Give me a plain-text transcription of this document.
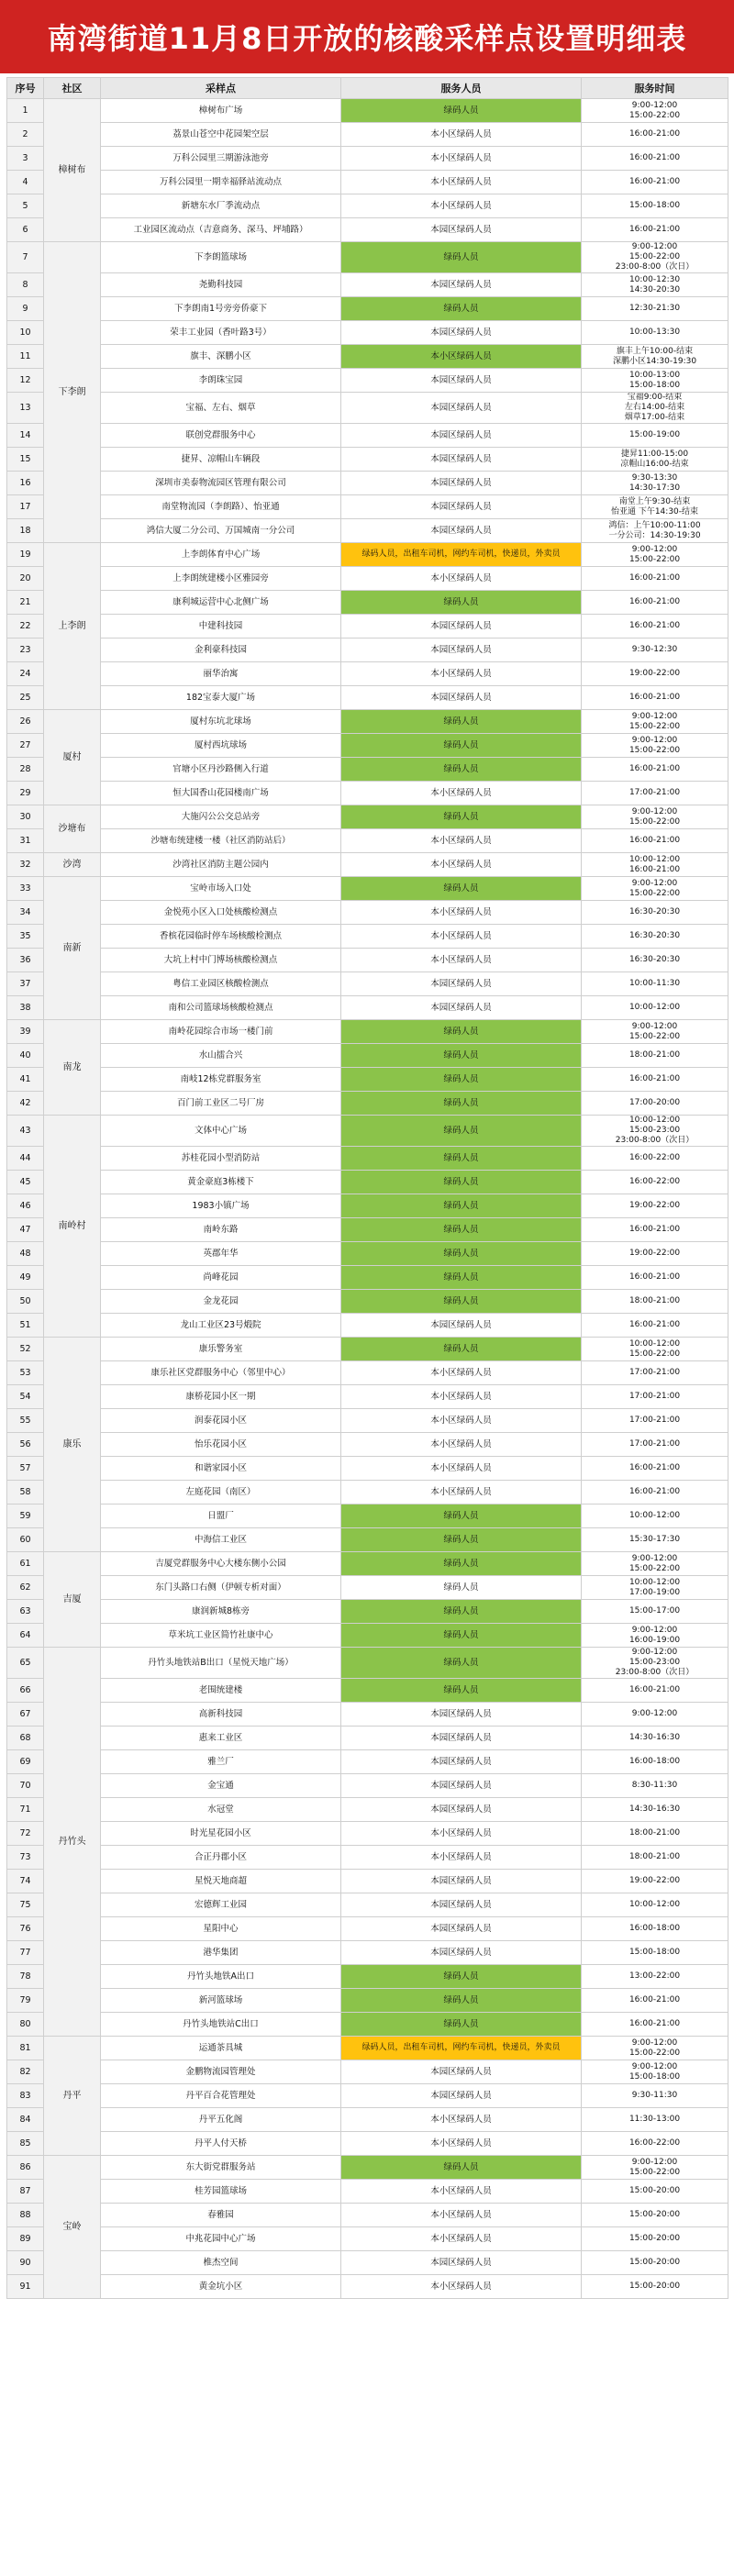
南湾街道11月8日开放的核酸采样点设置明细表
序号	社区	采样点	服务人员	服务时间
1	樟树布	樟树布广场	绿码人员	9:00-12:00
15:00-22:00
2		荔景山苍空中花园架空层	本小区绿码人员	16:00-21:00
3		万科公园里三期游泳池旁	本小区绿码人员	16:00-21:00
4		万科公园里一期幸福驿站流动点	本小区绿码人员	16:00-21:00
5		新塘东水厂季流动点	本小区绿码人员	15:00-18:00
6		工业园区流动点（吉意商务、深马、坪埔路）	本园区绿码人员	16:00-21:00
7	下李朗	下李朗篮球场	绿码人员	9:00-12:00
15:00-22:00
23:00-8:00（次日）
8		尧勤科技园	本园区绿码人员	10:00-12:30
14:30-20:30
9		下李朗南1号旁旁侨豪下	绿码人员	12:30-21:30
10		荣丰工业园（香叶路3号）	本园区绿码人员	10:00-13:30
11		旗丰、深鹏小区	本小区绿码人员	旗丰上午10:00-结束
深鹏小区14:30-19:30
12		李朗珠宝园	本园区绿码人员	10:00-13:00
15:00-18:00
13		宝福、左右、烟草	本园区绿码人员	宝福9:00-结束
左右14:00-结束
烟草17:00-结束
14		联创党群服务中心	本园区绿码人员	15:00-19:00
15		捷昇、凉帽山车辆段	本园区绿码人员	捷昇11:00-15:00
凉帽山16:00-结束
16		深圳市美泰物流园区管理有限公司	本园区绿码人员	9:30-13:30
14:30-17:30
17		南堂物流园（李朗路）、怡亚通	本园区绿码人员	南堂上午9:30-结束
怡亚通 下午14:30-结束
18		鸿信大厦二分公司、万国城南一分公司	本园区绿码人员	鸿信：上午10:00-11:00
一分公司：14:30-19:30
19	上李朗	上李朗体育中心广场	绿码人员，出租车司机，网约车司机，快递员，外卖员	9:00-12:00
15:00-22:00
20		上李朗统建楼小区雅园旁	本小区绿码人员	16:00-21:00
21		康利城运营中心北侧广场	绿码人员	16:00-21:00
22		中建科技园	本园区绿码人员	16:00-21:00
23		金利豪科技园	本园区绿码人员	9:30-12:30
24		丽华治寓	本小区绿码人员	19:00-22:00
25		182宝泰大厦广场	本园区绿码人员	16:00-21:00
26	厦村	厦村东坑北球场	绿码人员	9:00-12:00
15:00-22:00
27		厦村西坑球场	绿码人员	9:00-12:00
15:00-22:00
28		官塘小区丹沙路侧入行道	绿码人员	16:00-21:00
29		恒大国香山花园楼南广场	本小区绿码人员	17:00-21:00
30	沙塘布	大施闪公公交总站旁	绿码人员	9:00-12:00
15:00-22:00
31		沙塘布统建楼一楼（社区消防站后）	本小区绿码人员	16:00-21:00
32	沙湾	沙湾社区消防主题公园内	本小区绿码人员	10:00-12:00
16:00-21:00
33	南新	宝岭市场入口处	绿码人员	9:00-12:00
15:00-22:00
34		金悦苑小区入口处核酸检测点	本小区绿码人员	16:30-20:30
35		香槟花园临时停车场核酸检测点	本小区绿码人员	16:30-20:30
36		大坑上村中门博场核酸检测点	本小区绿码人员	16:30-20:30
37		粤信工业园区核酸检测点	本园区绿码人员	10:00-11:30
38		南和公司篮球场核酸检测点	本园区绿码人员	10:00-12:00
39	南龙	南岭花园综合市场一楼门前	绿码人员	9:00-12:00
15:00-22:00
40		水山擂合兴	绿码人员	18:00-21:00
41		南岐12栋党群服务室	绿码人员	16:00-21:00
42		百门前工业区二号厂房	绿码人员	17:00-20:00
43	南岭村	文体中心广场	绿码人员	10:00-12:00
15:00-23:00
23:00-8:00（次日）
44		苏桂花园小型消防站	绿码人员	16:00-22:00
45		黄金豪庭3栋楼下	绿码人员	16:00-22:00
46		1983小镇广场	绿码人员	19:00-22:00
47		南岭东路	绿码人员	16:00-21:00
48		英郡年华	绿码人员	19:00-22:00
49		尚峰花园	绿码人员	16:00-21:00
50		金龙花园	绿码人员	18:00-21:00
51		龙山工业区23号煅院	本园区绿码人员	16:00-21:00
52	康乐	康乐警务室	绿码人员	10:00-12:00
15:00-22:00
53		康乐社区党群服务中心（邻里中心）	本小区绿码人员	17:00-21:00
54		康桥花园小区一期	本小区绿码人员	17:00-21:00
55		润泰花园小区	本小区绿码人员	17:00-21:00
56		怡乐花园小区	本小区绿码人员	17:00-21:00
57		和谐家园小区	本小区绿码人员	16:00-21:00
58		左庭花园（南区）	本小区绿码人员	16:00-21:00
59		日盟厂	绿码人员	10:00-12:00
60		中海信工业区	绿码人员	15:30-17:30
61	吉厦	吉厦党群服务中心大楼东侧小公园	绿码人员	9:00-12:00
15:00-22:00
62		东门头路口右侧（伊顿专析对面）	绿码人员	10:00-12:00
17:00-19:00
63		康润新城8栋旁	绿码人员	15:00-17:00
64		草米坑工业区简竹社康中心	绿码人员	9:00-12:00
16:00-19:00
65	丹竹头	丹竹头地铁站B出口（星悦天地广场）	绿码人员	9:00-12:00
15:00-23:00
23:00-8:00（次日）
66		老围统建楼	绿码人员	16:00-21:00
67		高新科技园	本园区绿码人员	9:00-12:00
68		惠来工业区	本园区绿码人员	14:30-16:30
69		雅兰厂	本园区绿码人员	16:00-18:00
70		金宝通	本园区绿码人员	8:30-11:30
71		水冠堂	本园区绿码人员	14:30-16:30
72		时光星花园小区	本小区绿码人员	18:00-21:00
73		合正丹郡小区	本小区绿码人员	18:00-21:00
74		星悦天地商超	本园区绿码人员	19:00-22:00
75		宏德辉工业园	本园区绿码人员	10:00-12:00
76		星阳中心	本园区绿码人员	16:00-18:00
77		港华集团	本园区绿码人员	15:00-18:00
78		丹竹头地铁A出口	绿码人员	13:00-22:00
79		新河篮球场	绿码人员	16:00-21:00
80		丹竹头地铁站C出口	绿码人员	16:00-21:00
81	丹平	运通茶具城	绿码人员，出租车司机，网约车司机，快递员，外卖员	9:00-12:00
15:00-22:00
82		金鹏物流园管理处	本园区绿码人员	9:00-12:00
15:00-18:00
83		丹平百合花管理处	本园区绿码人员	9:30-11:30
84		丹平五化阁	本小区绿码人员	11:30-13:00
85		丹平人付天桥	本小区绿码人员	16:00-22:00
86	宝岭	东大街党群服务站	绿码人员	9:00-12:00
15:00-22:00
87		桂芳园篮球场	本小区绿码人员	15:00-20:00
88		春雅园	本小区绿码人员	15:00-20:00
89		中兆花园中心广场	本小区绿码人员	15:00-20:00
90		椎杰空间	本园区绿码人员	15:00-20:00
91		黄金坑小区	本小区绿码人员	15:00-20:00
